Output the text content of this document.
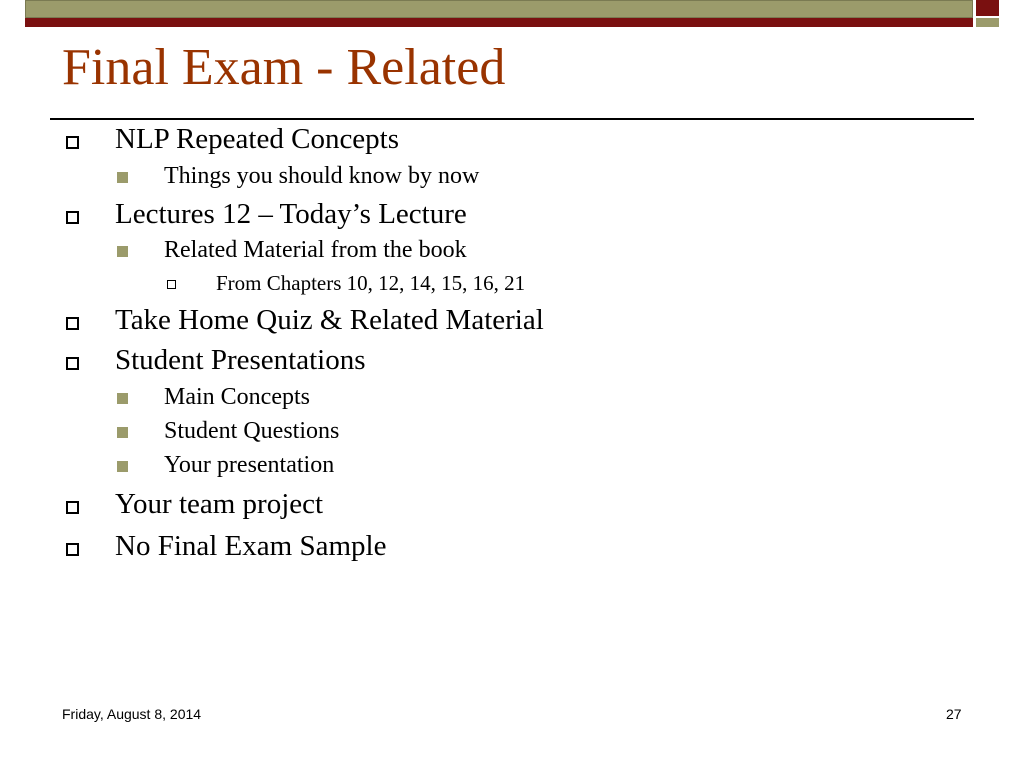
Final Exam - Related
NLP Repeated Concepts
Things you should know by now
Lectures 12 – Today’s Lecture
Related Material from the book
From Chapters 10, 12, 14, 15, 16, 21
Take Home Quiz & Related Material
Student Presentations
Main Concepts
Student Questions
Your presentation
Your team project
No Final Exam Sample
Friday, August 8, 2014	27
